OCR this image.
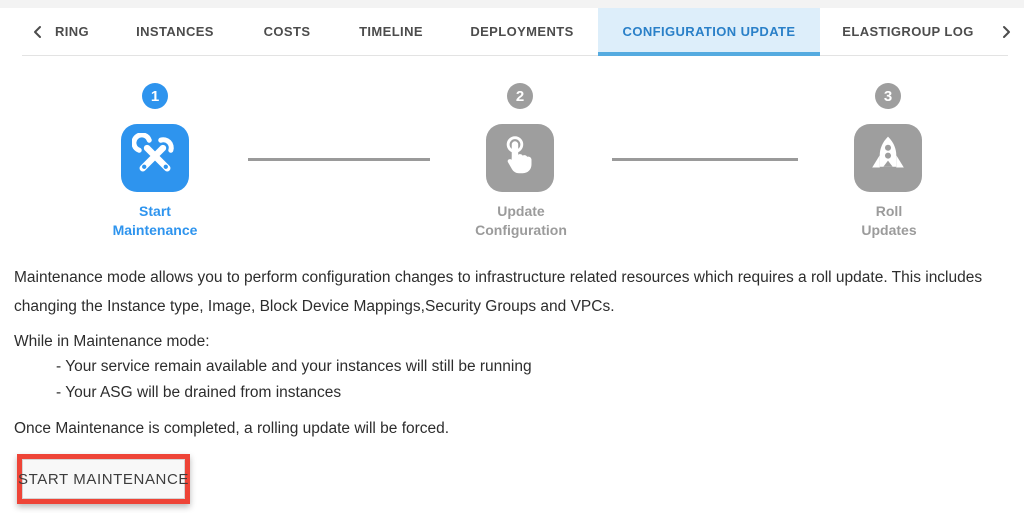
RING	INSTANCES	COSTS	TIMELINE	DEPLOYMENTS	CONFIGURATION UPDATE	ELASTIGROUP LOG
1
Start
Maintenance
2
Update
Configuration
3
Roll
Updates

Maintenance mode allows you to perform configuration changes to infrastructure related resources which requires a roll update. This includes changing the Instance type, Image, Block Device Mappings,Security Groups and VPCs.

While in Maintenance mode:
- Your service remain available and your instances will still be running
- Your ASG will be drained from instances
Once Maintenance is completed, a rolling update will be forced.
START MAINTENANCE
